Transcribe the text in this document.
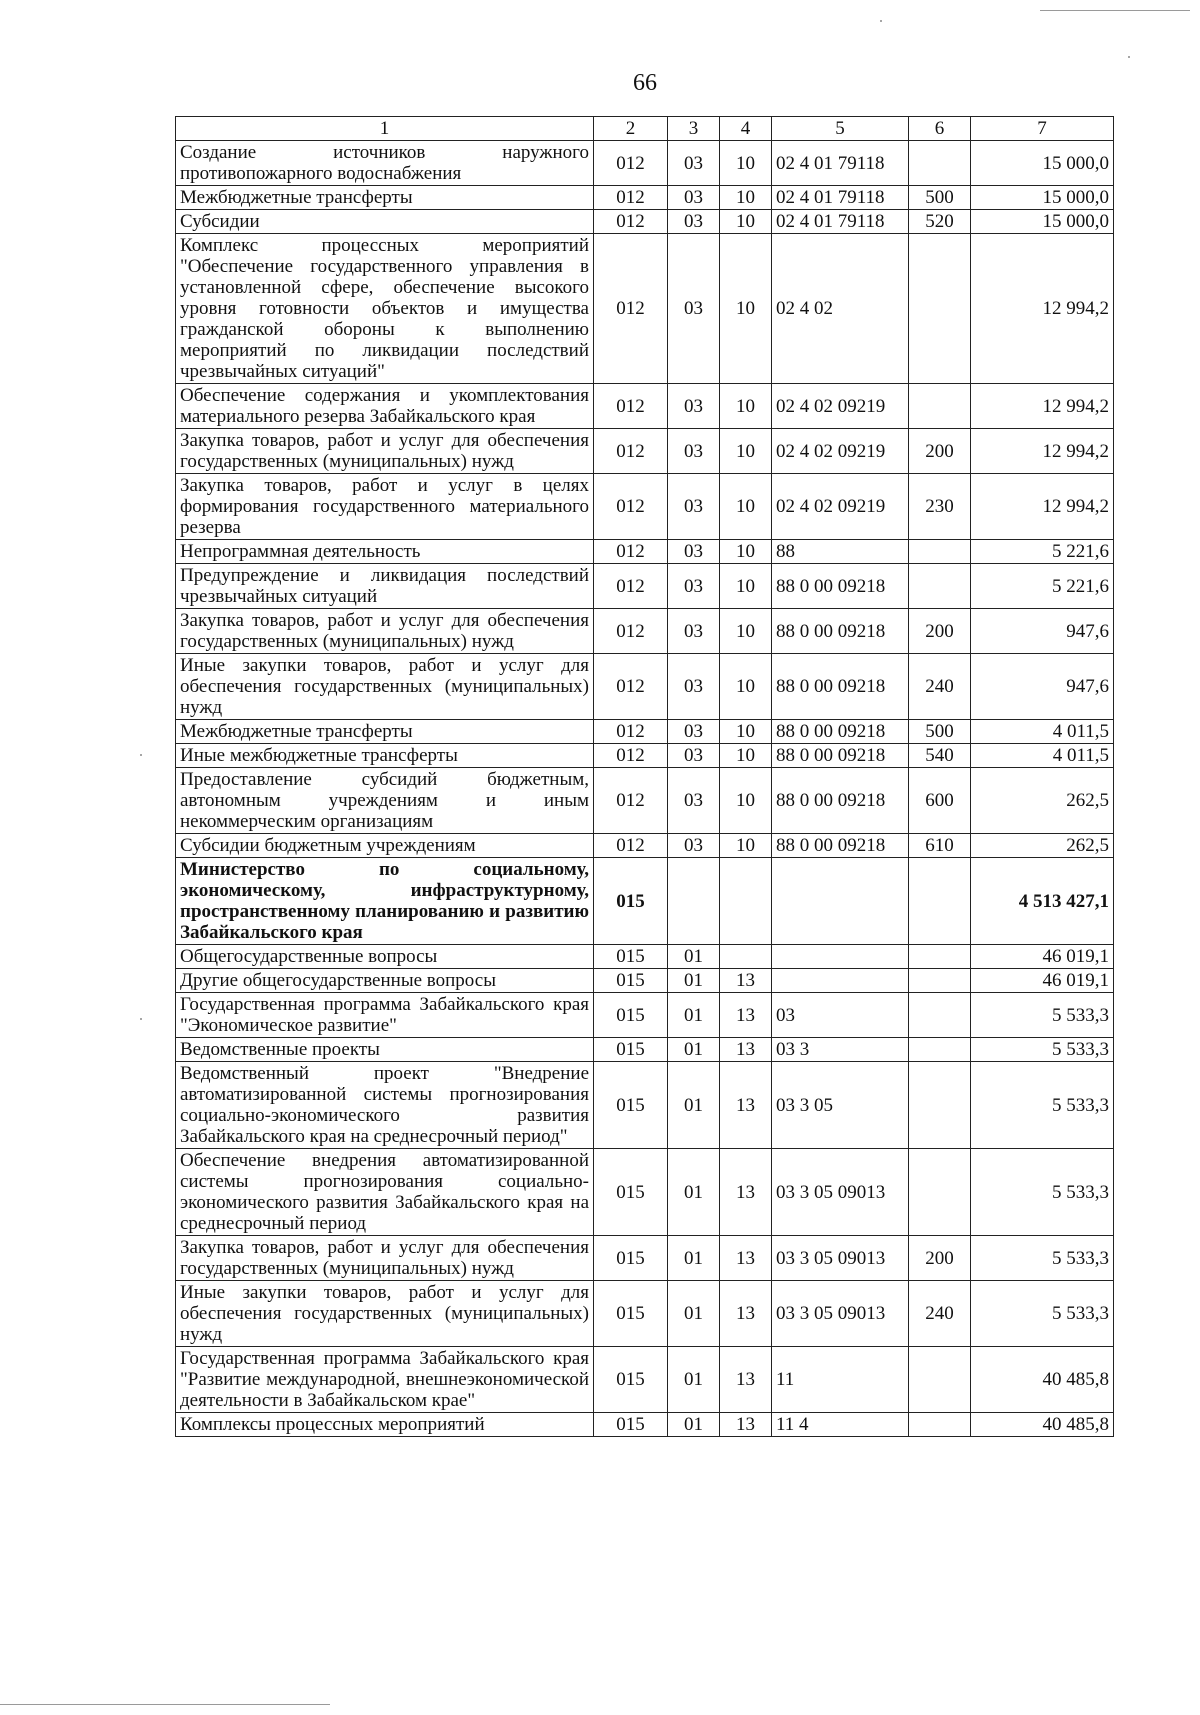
66
1	2	3	4	5	6	7
Создание источников наружного противопожарного водоснабжения	012	03	10	02 4 01 79118		15 000,0
Межбюджетные трансферты	012	03	10	02 4 01 79118	500	15 000,0
Субсидии	012	03	10	02 4 01 79118	520	15 000,0
Комплекс процессных мероприятий "Обеспечение государственного управления в установленной сфере, обеспечение высокого уровня готовности объектов и имущества гражданской обороны к выполнению мероприятий по ликвидации последствий чрезвычайных ситуаций"	012	03	10	02 4 02		12 994,2
Обеспечение содержания и укомплектования материального резерва Забайкальского края	012	03	10	02 4 02 09219		12 994,2
Закупка товаров, работ и услуг для обеспечения государственных (муниципальных) нужд	012	03	10	02 4 02 09219	200	12 994,2
Закупка товаров, работ и услуг в целях формирования государственного материального резерва	012	03	10	02 4 02 09219	230	12 994,2
Непрограммная деятельность	012	03	10	88		5 221,6
Предупреждение и ликвидация последствий чрезвычайных ситуаций	012	03	10	88 0 00 09218		5 221,6
Закупка товаров, работ и услуг для обеспечения государственных (муниципальных) нужд	012	03	10	88 0 00 09218	200	947,6
Иные закупки товаров, работ и услуг для обеспечения государственных (муниципальных) нужд	012	03	10	88 0 00 09218	240	947,6
Межбюджетные трансферты	012	03	10	88 0 00 09218	500	4 011,5
Иные межбюджетные трансферты	012	03	10	88 0 00 09218	540	4 011,5
Предоставление субсидий бюджетным, автономным учреждениям и иным некоммерческим организациям	012	03	10	88 0 00 09218	600	262,5
Субсидии бюджетным учреждениям	012	03	10	88 0 00 09218	610	262,5
Министерство по социальному, экономическому, инфраструктурному, пространственному планированию и развитию Забайкальского края	015					4 513 427,1
Общегосударственные вопросы	015	01				46 019,1
Другие общегосударственные вопросы	015	01	13			46 019,1
Государственная программа Забайкальского края "Экономическое развитие"	015	01	13	03		5 533,3
Ведомственные проекты	015	01	13	03 3		5 533,3
Ведомственный проект "Внедрение автоматизированной системы прогнозирования социально-экономического развития Забайкальского края на среднесрочный период"	015	01	13	03 3 05		5 533,3
Обеспечение внедрения автоматизированной системы прогнозирования социально-экономического развития Забайкальского края на среднесрочный период	015	01	13	03 3 05 09013		5 533,3
Закупка товаров, работ и услуг для обеспечения государственных (муниципальных) нужд	015	01	13	03 3 05 09013	200	5 533,3
Иные закупки товаров, работ и услуг для обеспечения государственных (муниципальных) нужд	015	01	13	03 3 05 09013	240	5 533,3
Государственная программа Забайкальского края "Развитие международной, внешнеэкономической деятельности в Забайкальском крае"	015	01	13	11		40 485,8
Комплексы процессных мероприятий	015	01	13	11 4		40 485,8
